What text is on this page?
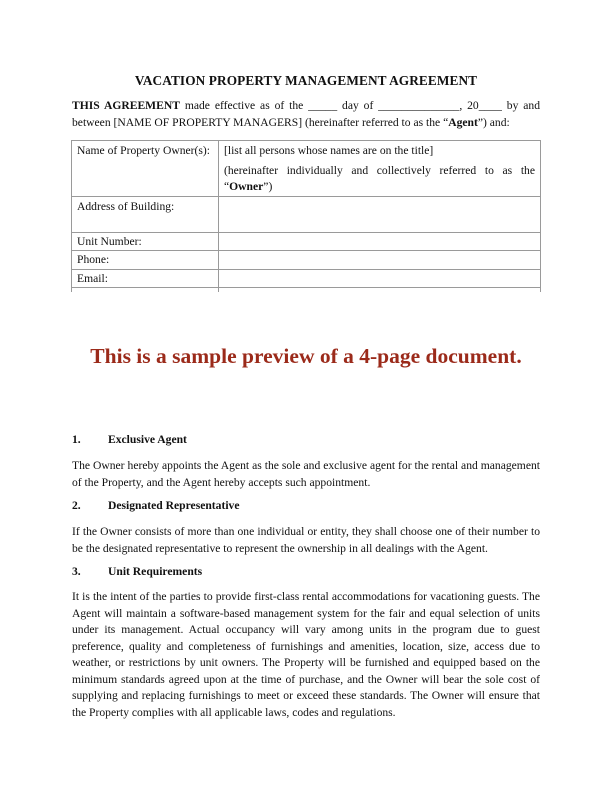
VACATION PROPERTY MANAGEMENT AGREEMENT
THIS AGREEMENT made effective as of the _____ day of ______________, 20____ by and between [NAME OF PROPERTY MANAGERS] (hereinafter referred to as the “Agent”) and:
Name of Property Owner(s):	[list all persons whose names are on the title]
(hereinafter individually and collectively referred to as the “Owner”)

Address of Building:	
Unit Number:	
Phone:	
Email:	

This is a sample preview of a 4-page document.
1. Exclusive Agent
The Owner hereby appoints the Agent as the sole and exclusive agent for the rental and management of the Property, and the Agent hereby accepts such appointment.
2. Designated Representative
If the Owner consists of more than one individual or entity, they shall choose one of their number to be the designated representative to represent the ownership in all dealings with the Agent.
3. Unit Requirements
It is the intent of the parties to provide first-class rental accommodations for vacationing guests. The Agent will maintain a software-based management system for the fair and equal selection of units under its management. Actual occupancy will vary among units in the program due to guest preference, quality and completeness of furnishings and amenities, location, size, access due to weather, or restrictions by unit owners. The Property will be furnished and equipped based on the minimum standards agreed upon at the time of purchase, and the Owner will bear the sole cost of supplying and replacing furnishings to meet or exceed these standards. The Owner will ensure that the Property complies with all applicable laws, codes and regulations.
